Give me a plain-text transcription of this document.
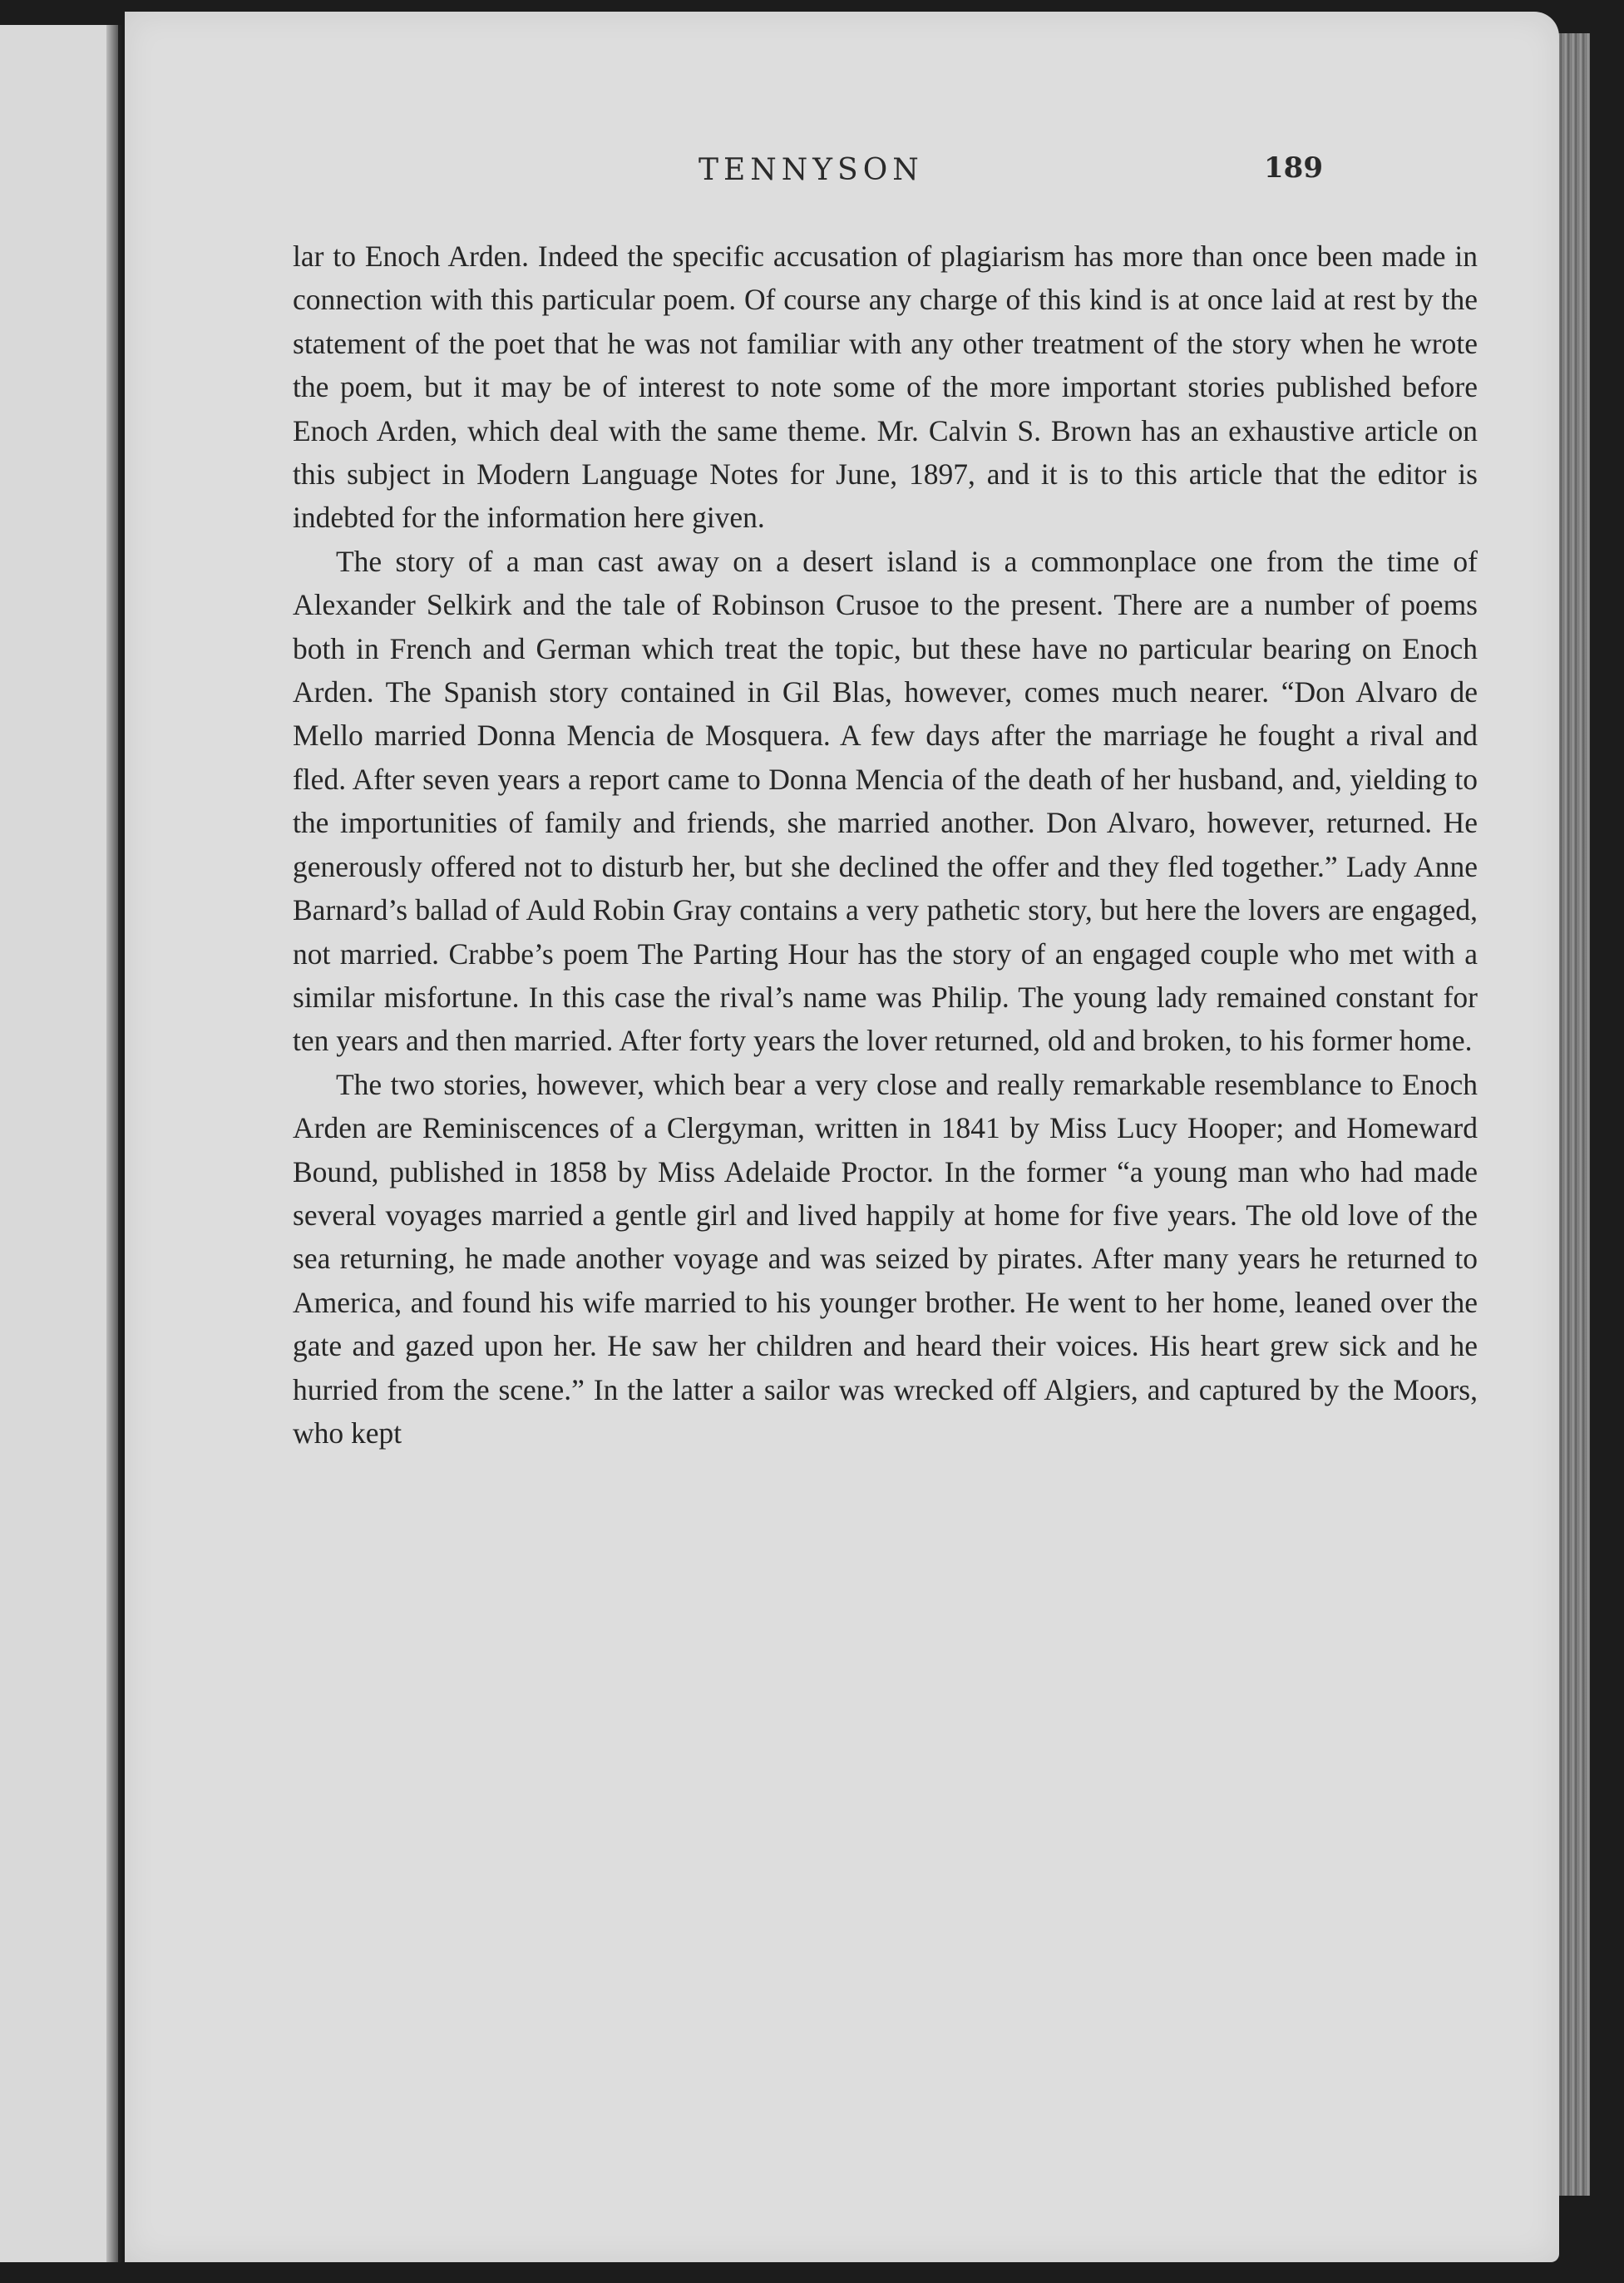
TENNYSON	189

lar to Enoch Arden. Indeed the specific accusation of plagiarism has more than once been made in connection with this particular poem. Of course any charge of this kind is at once laid at rest by the statement of the poet that he was not familiar with any other treatment of the story when he wrote the poem, but it may be of interest to note some of the more important stories published before Enoch Arden, which deal with the same theme. Mr. Calvin S. Brown has an exhaustive article on this subject in Modern Language Notes for June, 1897, and it is to this article that the editor is indebted for the information here given.

The story of a man cast away on a desert island is a commonplace one from the time of Alexander Selkirk and the tale of Robinson Crusoe to the present. There are a number of poems both in French and German which treat the topic, but these have no particular bearing on Enoch Arden. The Spanish story contained in Gil Blas, however, comes much nearer. “Don Alvaro de Mello married Donna Mencia de Mosquera. A few days after the marriage he fought a rival and fled. After seven years a report came to Donna Mencia of the death of her husband, and, yielding to the importunities of family and friends, she married another. Don Alvaro, however, returned. He generously offered not to disturb her, but she declined the offer and they fled together.” Lady Anne Barnard’s ballad of Auld Robin Gray contains a very pathetic story, but here the lovers are engaged, not married. Crabbe’s poem The Parting Hour has the story of an engaged couple who met with a similar misfortune. In this case the rival’s name was Philip. The young lady remained constant for ten years and then married. After forty years the lover returned, old and broken, to his former home.

The two stories, however, which bear a very close and really remarkable resemblance to Enoch Arden are Reminiscences of a Clergyman, written in 1841 by Miss Lucy Hooper; and Homeward Bound, published in 1858 by Miss Adelaide Proctor. In the former “a young man who had made several voyages married a gentle girl and lived happily at home for five years. The old love of the sea returning, he made another voyage and was seized by pirates. After many years he returned to America, and found his wife married to his younger brother. He went to her home, leaned over the gate and gazed upon her. He saw her children and heard their voices. His heart grew sick and he hurried from the scene.” In the latter a sailor was wrecked off Algiers, and captured by the Moors, who kept
